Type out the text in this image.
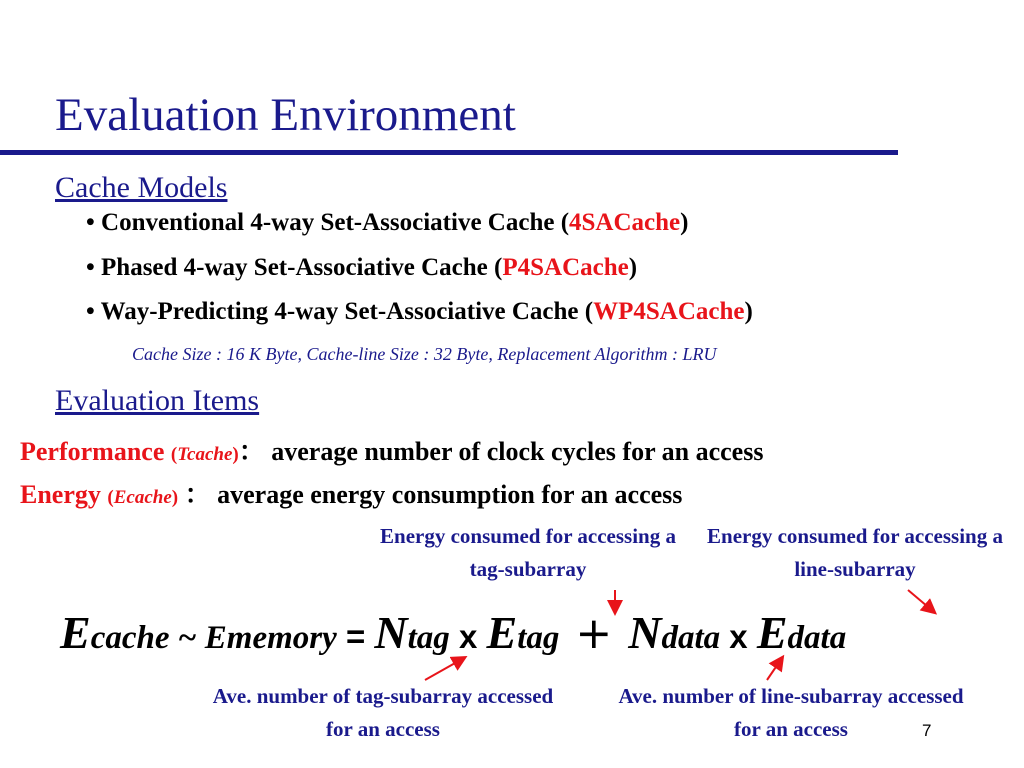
Evaluation Environment
Cache Models
• Conventional 4-way Set-Associative Cache (4SACache)
• Phased 4-way Set-Associative Cache (P4SACache)
• Way-Predicting 4-way Set-Associative Cache (WP4SACache)
Cache Size : 16 K Byte, Cache-line Size : 32 Byte, Replacement Algorithm : LRU
Evaluation Items
Performance (Tcache)： average number of clock cycles for an access
Energy (Ecache) ： average energy consumption for an access
Energy consumed for accessing a tag-subarray
Energy consumed for accessing a line-subarray
Ecache ~ Ememory = Ntag x Etag + Ndata x Edata
Ave. number of tag-subarray accessed for an access
Ave. number of line-subarray accessed for an access	7
